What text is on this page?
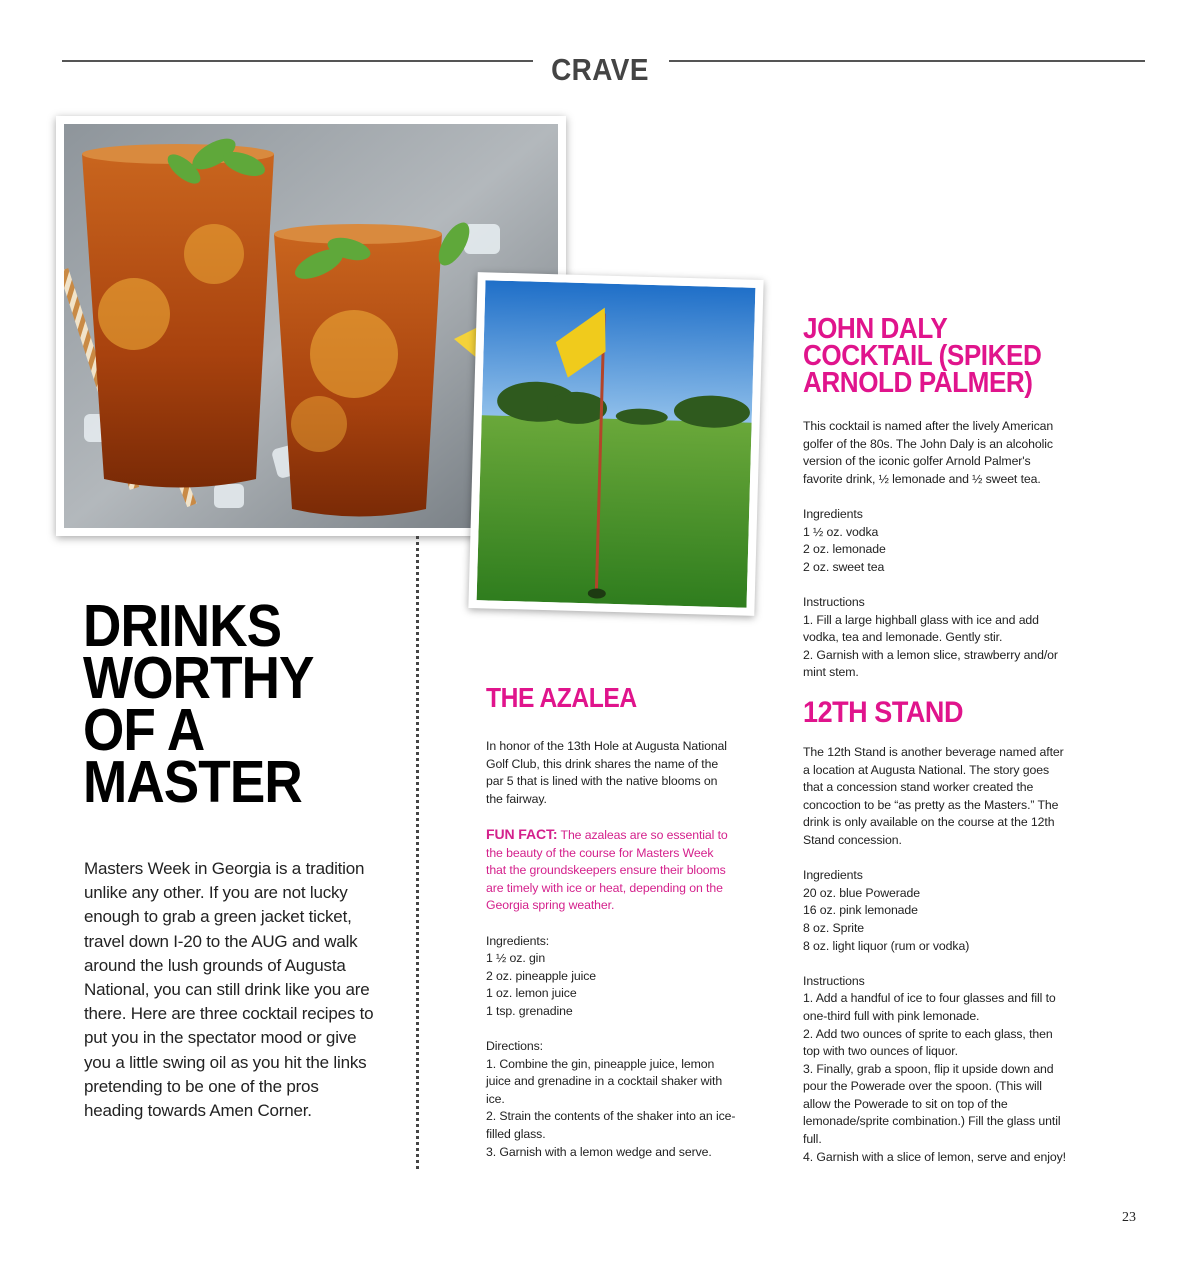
CRAVE
DRINKS
WORTHY
OF A
MASTER
Masters Week in Georgia is a tradition unlike any other. If you are not lucky enough to grab a green jacket ticket, travel down I-20 to the AUG and walk around the lush grounds of Augusta National, you can still drink like you are there. Here are three cocktail recipes to put you in the spectator mood or give you a little swing oil as you hit the links pretending to be one of the pros heading towards Amen Corner.
THE AZALEA

In honor of the 13th Hole at Augusta National Golf Club, this drink shares the name of the par 5 that is lined with the native blooms on the fairway.

FUN FACT: The azaleas are so essential to the beauty of the course for Masters Week that the groundskeepers ensure their blooms are timely with ice or heat, depending on the Georgia spring weather.

Ingredients:
1 ½ oz. gin
2 oz. pineapple juice
1 oz. lemon juice
1 tsp. grenadine

Directions:
1. Combine the gin, pineapple juice, lemon juice and grenadine in a cocktail shaker with ice.
2. Strain the contents of the shaker into an ice-filled glass.
3. Garnish with a lemon wedge and serve.

JOHN DALY COCKTAIL (SPIKED ARNOLD PALMER)

This cocktail is named after the lively American golfer of the 80s. The John Daly is an alcoholic version of the iconic golfer Arnold Palmer's favorite drink, ½ lemonade and ½ sweet tea.

Ingredients
1 ½ oz. vodka
2 oz. lemonade
2 oz. sweet tea

Instructions
1. Fill a large highball glass with ice and add vodka, tea and lemonade. Gently stir.
2. Garnish with a lemon slice, strawberry and/or mint stem.

12TH STAND

The 12th Stand is another beverage named after a location at Augusta National. The story goes that a concession stand worker created the concoction to be “as pretty as the Masters.” The drink is only available on the course at the 12th Stand concession.

Ingredients
20 oz. blue Powerade
16 oz. pink lemonade
8 oz. Sprite
8 oz. light liquor (rum or vodka)

Instructions
1. Add a handful of ice to four glasses and fill to one-third full with pink lemonade.
2. Add two ounces of sprite to each glass, then top with two ounces of liquor.
3. Finally, grab a spoon, flip it upside down and pour the Powerade over the spoon. (This will allow the Powerade to sit on top of the lemonade/sprite combination.) Fill the glass until full.
4. Garnish with a slice of lemon, serve and enjoy!

23
